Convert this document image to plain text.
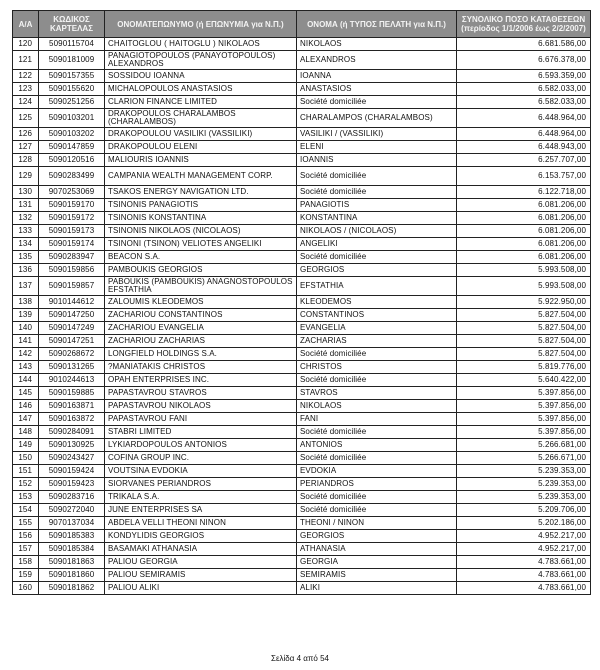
Α/Α	ΚΩΔΙΚΟΣ ΚΑΡΤΕΛΑΣ	ΟΝΟΜΑΤΕΠΩΝΥΜΟ (ή ΕΠΩΝΥΜΙΑ για Ν.Π.)	ΟΝΟΜΑ (ή ΤΥΠΟΣ ΠΕΛΑΤΗ για Ν.Π.)	ΣΥΝΟΛΙΚΟ ΠΟΣΟ ΚΑΤΑΘΕΣΕΩΝ (περίοδος 1/1/2006 έως 2/2/2007)
120	5090115704	CHAITOGLOU ( HAITOGLU ) NIKOLAOS	NIKOLAOS	6.681.586,00
121	5090181009	PANAGIOTOPOULOS (PANAYOTOPOULOS) ALEXANDROS	ALEXANDROS	6.676.378,00
122	5090157355	SOSSIDOU IOANNA	IOANNA	6.593.359,00
123	5090155620	MICHALOPOULOS ANASTASIOS	ANASTASIOS	6.582.033,00
124	5090251256	CLARION FINANCE LIMITED	Société domiciliée	6.582.033,00
125	5090103201	DRAKOPOULOS CHARALAMBOS (CHARALAMBOS)	CHARALAMPOS (CHARALAMBOS)	6.448.964,00
126	5090103202	DRAKOPOULOU VASILIKI (VASSILIKI)	VASILIKI / (VASSILIKI)	6.448.964,00
127	5090147859	DRAKOPOULOU ELENI	ELENI	6.448.943,00
128	5090120516	MALIOURIS IOANNIS	IOANNIS	6.257.707,00
129	5090283499	CAMPANIA WEALTH MANAGEMENT CORP.	Société domiciliée	6.153.757,00
130	9070253069	TSAKOS ENERGY NAVIGATION LTD.	Société domiciliée	6.122.718,00
131	5090159170	TSINONIS PANAGIOTIS	PANAGIOTIS	6.081.206,00
132	5090159172	TSINONIS KONSTANTINA	KONSTANTINA	6.081.206,00
133	5090159173	TSINONIS NIKOLAOS (NICOLAOS)	NIKOLAOS / (NICOLAOS)	6.081.206,00
134	5090159174	TSINONI (TSINON) VELIOTES ANGELIKI	ANGELIKI	6.081.206,00
135	5090283947	BEACON S.A.	Société domiciliée	6.081.206,00
136	5090159856	PAMBOUKIS GEORGIOS	GEORGIOS	5.993.508,00
137	5090159857	PABOUKIS (PAMBOUKIS) ANAGNOSTOPOULOS EFSTATHIA	EFSTATHIA	5.993.508,00
138	9010144612	ZALOUMIS KLEODEMOS	KLEODEMOS	5.922.950,00
139	5090147250	ZACHARIOU CONSTANTINOS	CONSTANTINOS	5.827.504,00
140	5090147249	ZACHARIOU EVANGELIA	EVANGELIA	5.827.504,00
141	5090147251	ZACHARIOU ZACHARIAS	ZACHARIAS	5.827.504,00
142	5090268672	LONGFIELD HOLDINGS S.A.	Société domiciliée	5.827.504,00
143	5090131265	?MANIATAKIS CHRISTOS	CHRISTOS	5.819.776,00
144	9010244613	OPAH ENTERPRISES INC.	Société domiciliée	5.640.422,00
145	5090159885	PAPASTAVROU STAVROS	STAVROS	5.397.856,00
146	5090163871	PAPASTAVROU NIKOLAOS	NIKOLAOS	5.397.856,00
147	5090163872	PAPASTAVROU FANI	FANI	5.397.856,00
148	5090284091	STABRI LIMITED	Société domiciliée	5.397.856,00
149	5090130925	LYKIARDOPOULOS ANTONIOS	ANTONIOS	5.266.681,00
150	5090243427	COFINA GROUP INC.	Société domiciliée	5.266.671,00
151	5090159424	VOUTSINA EVDOKIA	EVDOKIA	5.239.353,00
152	5090159423	SIORVANES PERIANDROS	PERIANDROS	5.239.353,00
153	5090283716	TRIKALA S.A.	Société domiciliée	5.239.353,00
154	5090272040	JUNE ENTERPRISES SA	Société domiciliée	5.209.706,00
155	9070137034	ABDELA VELLI THEONI NINON	THEONI / NINON	5.202.186,00
156	5090185383	KONDYLIDIS GEORGIOS	GEORGIOS	4.952.217,00
157	5090185384	BASAMAKI ATHANASIA	ATHANASIA	4.952.217,00
158	5090181863	PALIOU GEORGIA	GEORGIA	4.783.661,00
159	5090181860	PALIOU SEMIRAMIS	SEMIRAMIS	4.783.661,00
160	5090181862	PALIOU ALIKI	ALIKI	4.783.661,00
Σελίδα 4 από 54
